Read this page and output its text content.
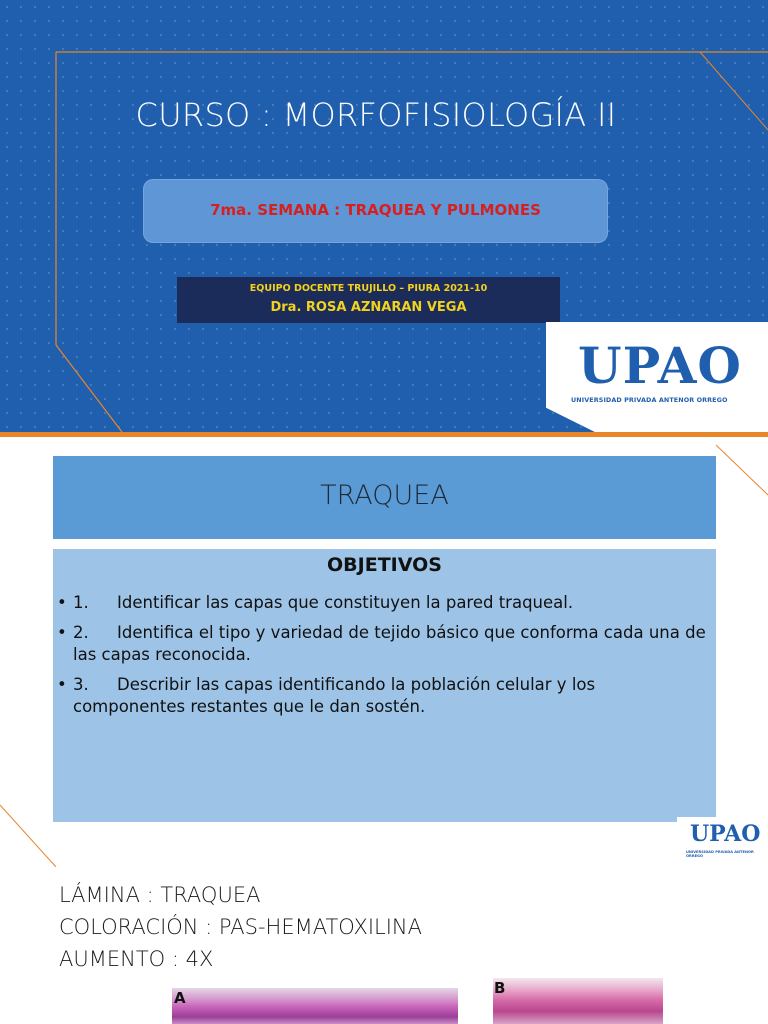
CURSO : MORFOFISIOLOGÍA II
7ma. SEMANA : TRAQUEA Y PULMONES
EQUIPO DOCENTE TRUJILLO – PIURA 2021-10
Dra. ROSA AZNARAN VEGA
UPAO
UNIVERSIDAD PRIVADA ANTENOR ORREGO
TRAQUEA
OBJETIVOS
• 1. Identificar las capas que constituyen la pared traqueal.
• 2. Identifica el tipo y variedad de tejido básico que conforma cada una de las capas reconocida.
• 3. Describir las capas identificando la población celular y los componentes restantes que le dan sostén.
UPAO
UNIVERSIDAD PRIVADA ANTENOR ORREGO
LÁMINA : TRAQUEA
COLORACIÓN : PAS-HEMATOXILINA
AUMENTO : 4X
A
B
